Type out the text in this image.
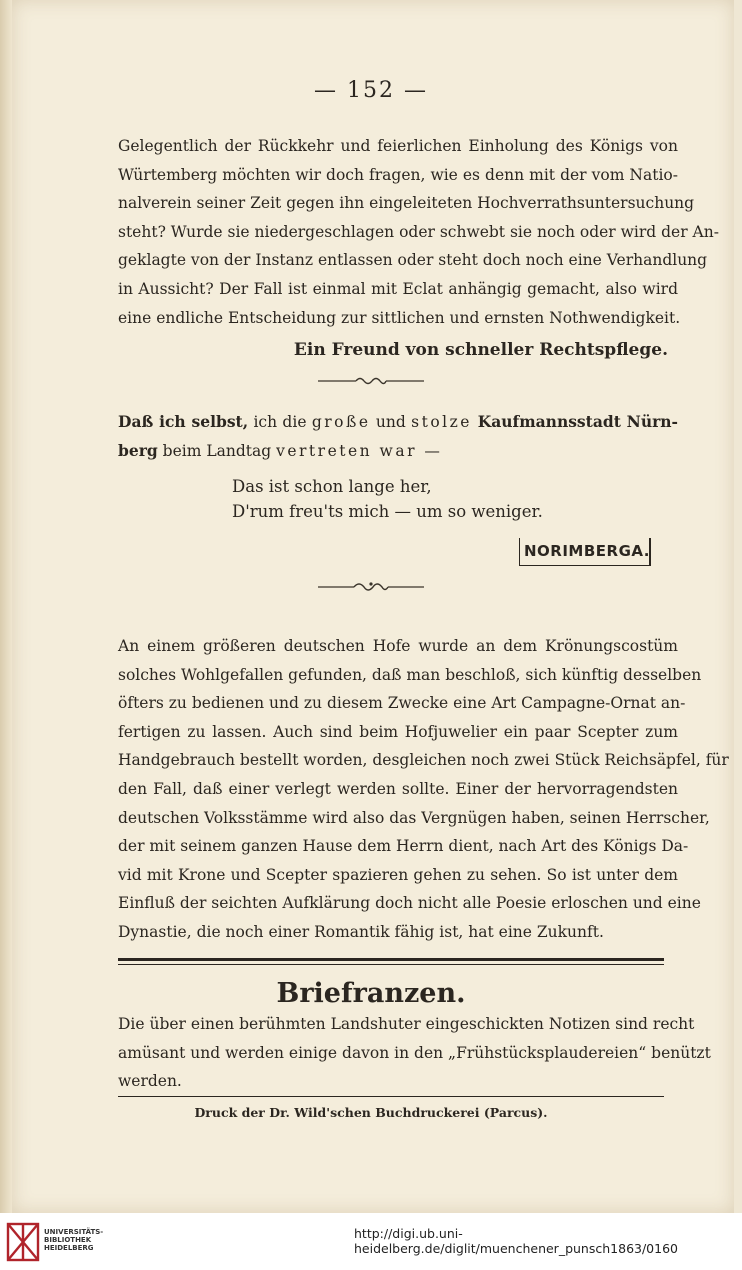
— 152 —
Gelegentlich der Rückkehr und feierlichen Einholung des Königs von
Würtemberg möchten wir doch fragen, wie es denn mit der vom Natio-
nalverein seiner Zeit gegen ihn eingeleiteten Hochverrathsuntersuchung
steht? Wurde sie niedergeschlagen oder schwebt sie noch oder wird der An-
geklagte von der Instanz entlassen oder steht doch noch eine Verhandlung
in Aussicht? Der Fall ist einmal mit Eclat anhängig gemacht, also wird
eine endliche Entscheidung zur sittlichen und ernsten Nothwendigkeit.
Ein Freund von schneller Rechtspflege.
Daß ich selbst, ich die große und stolze Kaufmannsstadt Nürn-
berg beim Landtag vertreten war —
Das ist schon lange her,
D'rum freu'ts mich — um so weniger.
NORIMBERGA.
An einem größeren deutschen Hofe wurde an dem Krönungscostüm
solches Wohlgefallen gefunden, daß man beschloß, sich künftig desselben
öfters zu bedienen und zu diesem Zwecke eine Art Campagne-Ornat an-
fertigen zu lassen. Auch sind beim Hofjuwelier ein paar Scepter zum
Handgebrauch bestellt worden, desgleichen noch zwei Stück Reichsäpfel, für
den Fall, daß einer verlegt werden sollte. Einer der hervorragendsten
deutschen Volksstämme wird also das Vergnügen haben, seinen Herrscher,
der mit seinem ganzen Hause dem Herrn dient, nach Art des Königs Da-
vid mit Krone und Scepter spazieren gehen zu sehen. So ist unter dem
Einfluß der seichten Aufklärung doch nicht alle Poesie erloschen und eine
Dynastie, die noch einer Romantik fähig ist, hat eine Zukunft.
Briefranzen.
Die über einen berühmten Landshuter eingeschickten Notizen sind recht
amüsant und werden einige davon in den „Frühstücksplaudereien“ benützt
werden.
Druck der Dr. Wild'schen Buchdruckerei (Parcus).
UNIVERSITÄTS-
BIBLIOTHEK
HEIDELBERG
http://digi.ub.uni-heidelberg.de/diglit/muenchener_punsch1863/0160
